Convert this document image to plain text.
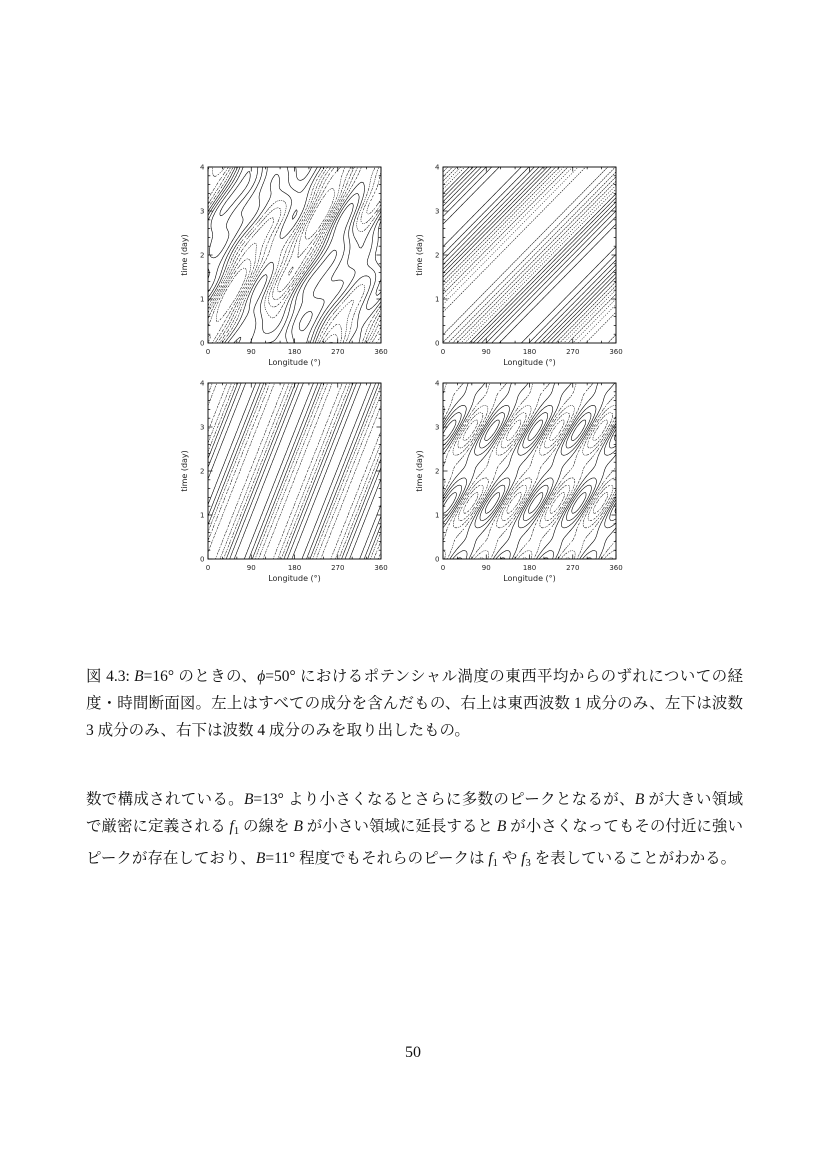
0	90	180	270	360
0
1
2
3
4
Longitude (°)
time (day)
0	90	180	270	360
0
1
2
3
4
Longitude (°)
time (day)
0	90	180	270	360
0
1
2
3
4
Longitude (°)
time (day)
0	90	180	270	360
0
1
2
3
4
Longitude (°)
time (day)

図 4.3: B=16° のときの、ϕ=50° におけるポテンシャル渦度の東西平均からのずれについての経度・時間断面図。左上はすべての成分を含んだもの、右上は東西波数 1 成分のみ、左下は波数 3 成分のみ、右下は波数 4 成分のみを取り出したもの。

数で構成されている。B=13° より小さくなるとさらに多数のピークとなるが、B が大きい領域で厳密に定義される $f_1$ の線を B が小さい領域に延長すると B が小さくなってもその付近に強いピークが存在しており、B=11° 程度でもそれらのピークは $f_1$ や $f_3$ を表していることがわかる。

50
